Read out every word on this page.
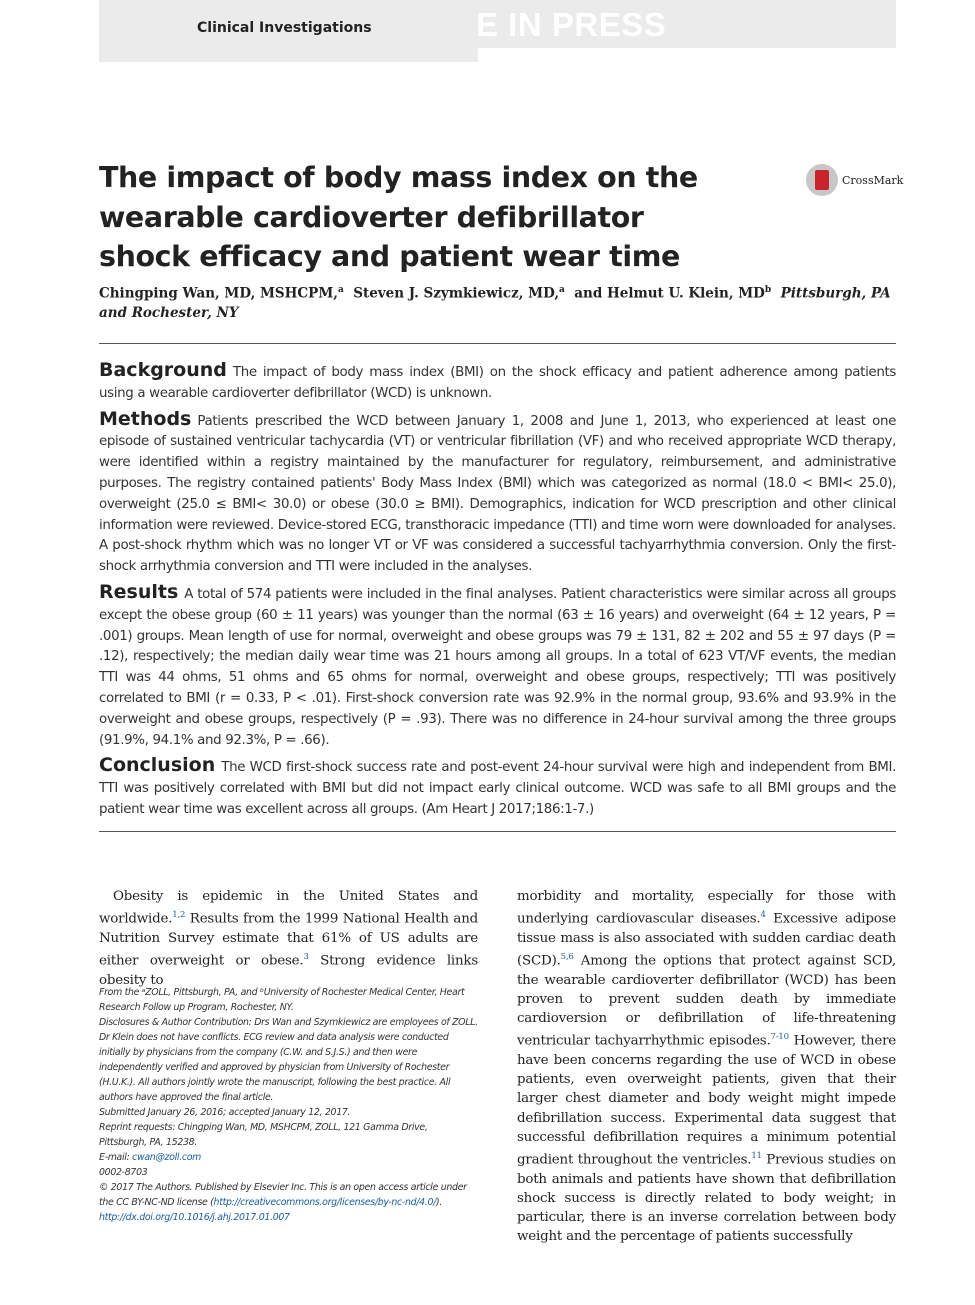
Clinical Investigations	E IN PRESS
The impact of body mass index on the wearable cardioverter defibrillator shock efficacy and patient wear time
CrossMark

Chingping Wan, MD, MSHCPM,$^a$ Steven J. Szymkiewicz, MD,$^a$ and Helmut U. Klein, $MD^b$ Pittsburgh, PA and Rochester, NY

Background The impact of body mass index (BMI) on the shock efficacy and patient adherence among patients using a wearable cardioverter defibrillator (WCD) is unknown.

Methods Patients prescribed the WCD between January 1, 2008 and June 1, 2013, who experienced at least one episode of sustained ventricular tachycardia (VT) or ventricular fibrillation (VF) and who received appropriate WCD therapy, were identified within a registry maintained by the manufacturer for regulatory, reimbursement, and administrative purposes. The registry contained patients' Body Mass Index (BMI) which was categorized as normal (18.0 < BMI< 25.0), overweight (25.0 ≤ BMI< 30.0) or obese (30.0 ≥ BMI). Demographics, indication for WCD prescription and other clinical information were reviewed. Device-stored ECG, transthoracic impedance (TTI) and time worn were downloaded for analyses. A post-shock rhythm which was no longer VT or VF was considered a successful tachyarrhythmia conversion. Only the first-shock arrhythmia conversion and TTI were included in the analyses.

Results A total of 574 patients were included in the final analyses. Patient characteristics were similar across all groups except the obese group (60 ± 11 years) was younger than the normal (63 ± 16 years) and overweight (64 ± 12 years, P = .001) groups. Mean length of use for normal, overweight and obese groups was 79 ± 131, 82 ± 202 and 55 ± 97 days (P = .12), respectively; the median daily wear time was 21 hours among all groups. In a total of 623 VT/VF events, the median TTI was 44 ohms, 51 ohms and 65 ohms for normal, overweight and obese groups, respectively; TTI was positively correlated to BMI (r = 0.33, P < .01). First-shock conversion rate was 92.9% in the normal group, 93.6% and 93.9% in the overweight and obese groups, respectively (P = .93). There was no difference in 24-hour survival among the three groups (91.9%, 94.1% and 92.3%, P = .66).

Conclusion The WCD first-shock success rate and post-event 24-hour survival were high and independent from BMI. TTI was positively correlated with BMI but did not impact early clinical outcome. WCD was safe to all BMI groups and the patient wear time was excellent across all groups. (Am Heart J 2017;186:1-7.)

Obesity is epidemic in the United States and worldwide.$^{1,2}$ Results from the 1999 National Health and Nutrition Survey estimate that 61% of US adults are either overweight or obese.$^3$ Strong evidence links obesity to

From the ᵃZOLL, Pittsburgh, PA, and ᵇUniversity of Rochester Medical Center, Heart Research Follow up Program, Rochester, NY.
Disclosures & Author Contribution: Drs Wan and Szymkiewicz are employees of ZOLL. Dr Klein does not have conflicts. ECG review and data analysis were conducted initially by physicians from the company (C.W. and S.J.S.) and then were independently verified and approved by physician from University of Rochester (H.U.K.). All authors jointly wrote the manuscript, following the best practice. All authors have approved the final article.
Submitted January 26, 2016; accepted January 12, 2017.
Reprint requests: Chingping Wan, MD, MSHCPM, ZOLL, 121 Gamma Drive, Pittsburgh, PA, 15238.
E-mail: cwan@zoll.com
0002-8703
© 2017 The Authors. Published by Elsevier Inc. This is an open access article under the CC BY-NC-ND license (http://creativecommons.org/licenses/by-nc-nd/4.0/).
http://dx.doi.org/10.1016/j.ahj.2017.01.007

morbidity and mortality, especially for those with underlying cardiovascular diseases.$^4$ Excessive adipose tissue mass is also associated with sudden cardiac death (SCD).$^{5,6}$ Among the options that protect against SCD, the wearable cardioverter defibrillator (WCD) has been proven to prevent sudden death by immediate cardioversion or defibrillation of life-threatening ventricular tachyarrhythmic episodes.$^{7-10}$ However, there have been concerns regarding the use of WCD in obese patients, even overweight patients, given that their larger chest diameter and body weight might impede defibrillation success. Experimental data suggest that successful defibrillation requires a minimum potential gradient throughout the ventricles.$^{11}$ Previous studies on both animals and patients have shown that defibrillation shock success is directly related to body weight; in particular, there is an inverse correlation between body weight and the percentage of patients successfully
